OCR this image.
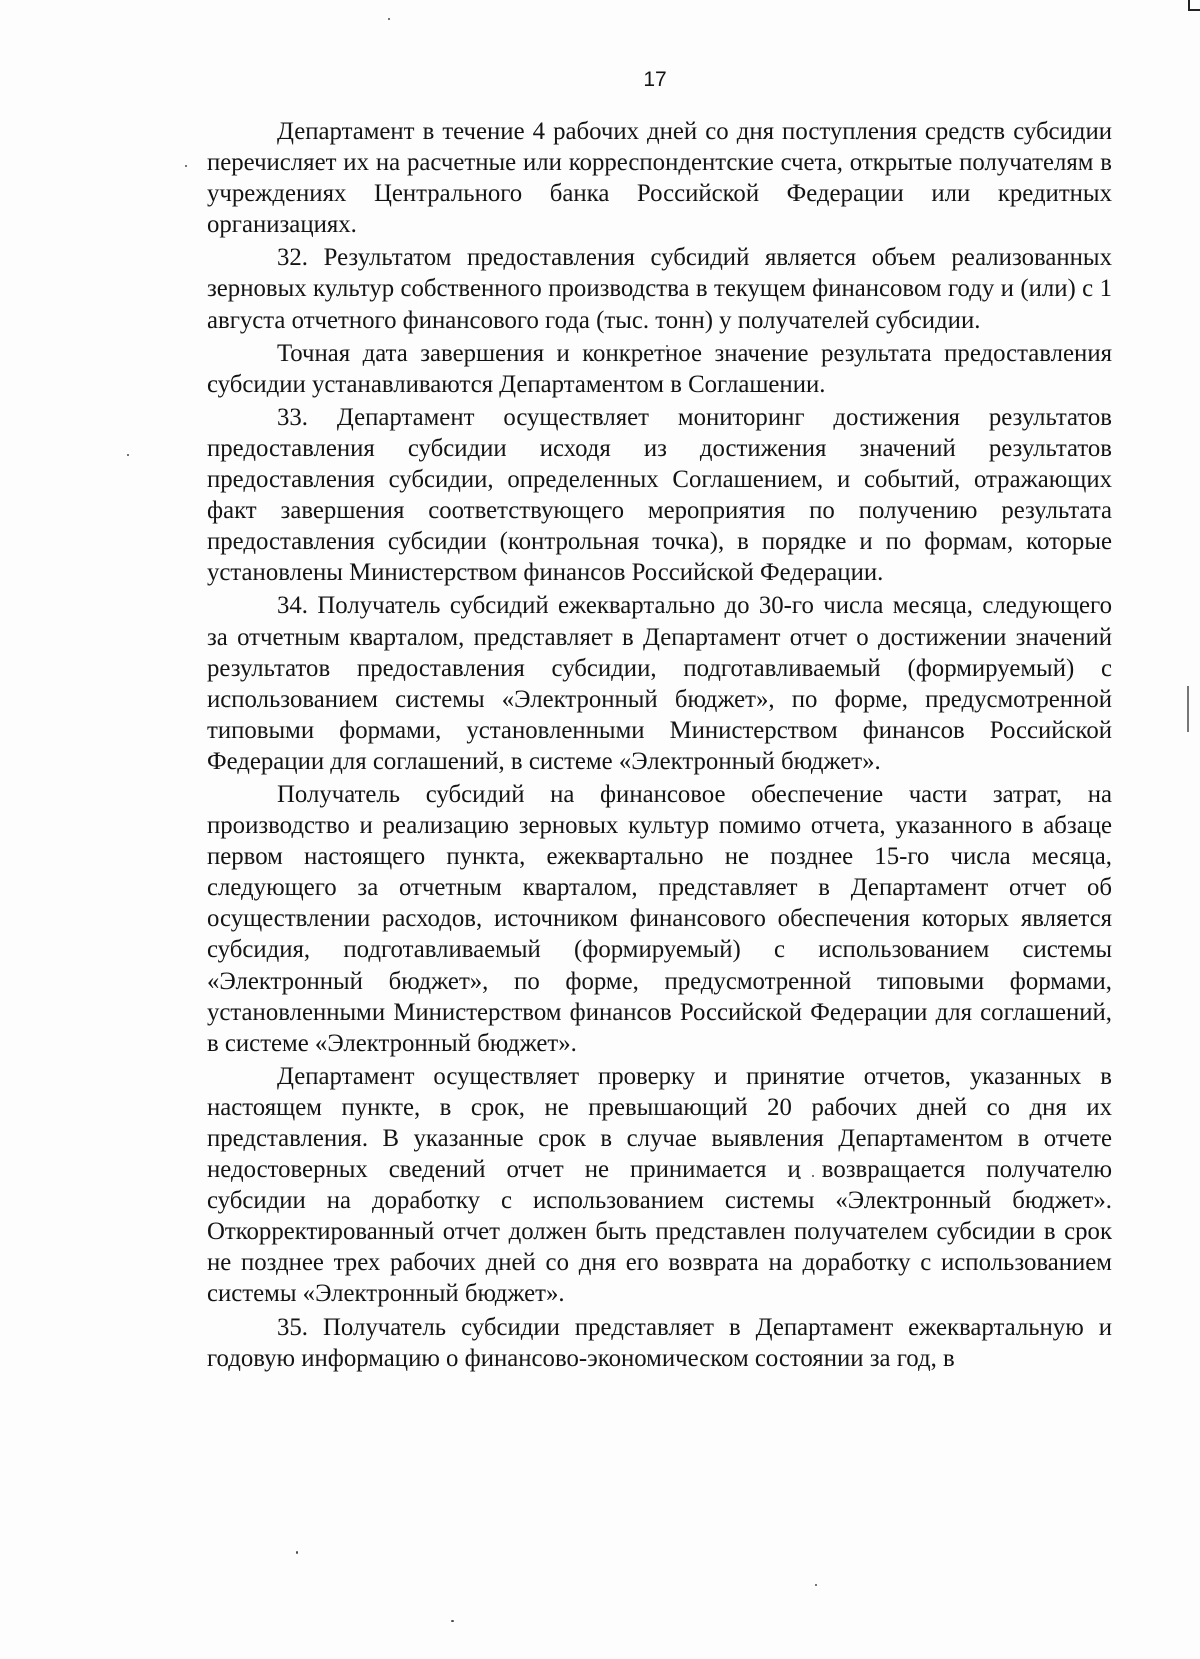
17

Департамент в течение 4 рабочих дней со дня поступления средств субсидии перечисляет их на расчетные или корреспондентские счета, открытые получателям в учреждениях Центрального банка Российской Федерации или кредитных организациях.

32. Результатом предоставления субсидий является объем реализованных зерновых культур собственного производства в текущем финансовом году и (или) с 1 августа отчетного финансового года (тыс. тонн) у получателей субсидии.

Точная дата завершения и конкретное значение результата предоставления субсидии устанавливаются Департаментом в Соглашении.

33. Департамент осуществляет мониторинг достижения результатов предоставления субсидии исходя из достижения значений результатов предоставления субсидии, определенных Соглашением, и событий, отражающих факт завершения соответствующего мероприятия по получению результата предоставления субсидии (контрольная точка), в порядке и по формам, которые установлены Министерством финансов Российской Федерации.

34. Получатель субсидий ежеквартально до 30-го числа месяца, следующего за отчетным кварталом, представляет в Департамент отчет о достижении значений результатов предоставления субсидии, подготавливаемый (формируемый) с использованием системы «Электронный бюджет», по форме, предусмотренной типовыми формами, установленными Министерством финансов Российской Федерации для соглашений, в системе «Электронный бюджет».

Получатель субсидий на финансовое обеспечение части затрат, на производство и реализацию зерновых культур помимо отчета, указанного в абзаце первом настоящего пункта, ежеквартально не позднее 15-го числа месяца, следующего за отчетным кварталом, представляет в Департамент отчет об осуществлении расходов, источником финансового обеспечения которых является субсидия, подготавливаемый (формируемый) с использованием системы «Электронный бюджет», по форме, предусмотренной типовыми формами, установленными Министерством финансов Российской Федерации для соглашений, в системе «Электронный бюджет».

Департамент осуществляет проверку и принятие отчетов, указанных в настоящем пункте, в срок, не превышающий 20 рабочих дней со дня их представления. В указанные срок в случае выявления Департаментом в отчете недостоверных сведений отчет не принимается и возвращается получателю субсидии на доработку с использованием системы «Электронный бюджет». Откорректированный отчет должен быть представлен получателем субсидии в срок не позднее трех рабочих дней со дня его возврата на доработку с использованием системы «Электронный бюджет».

35. Получатель субсидии представляет в Департамент ежеквартальную и годовую информацию о финансово-экономическом состоянии за год, в
